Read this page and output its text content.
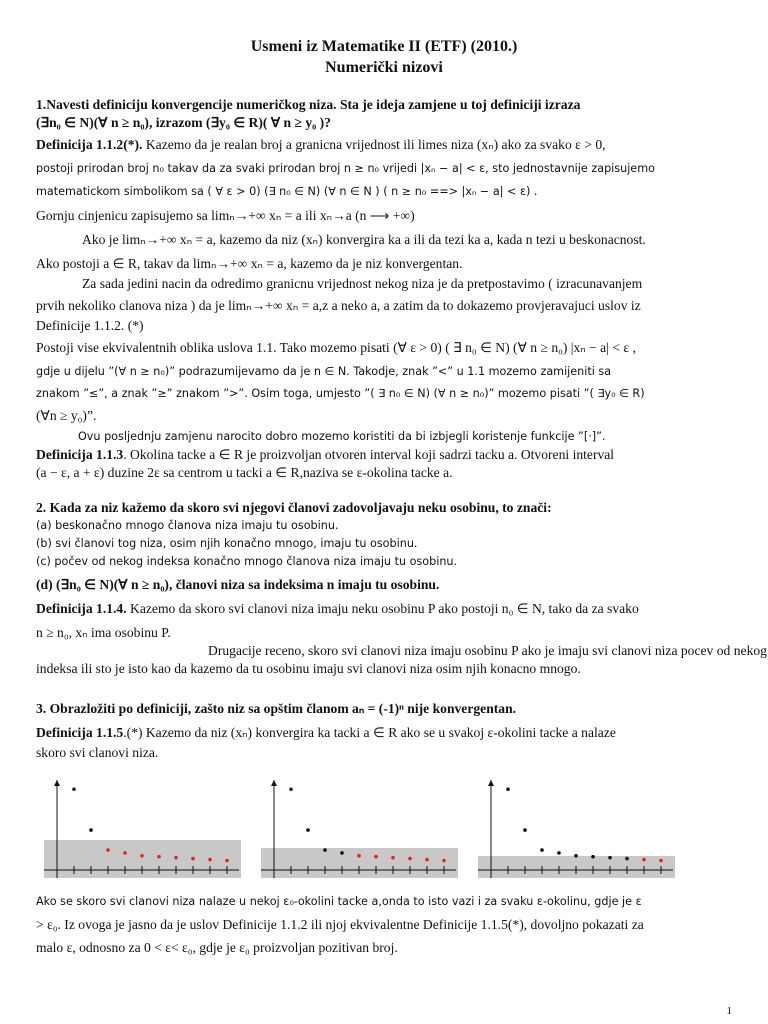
Usmeni iz Matematike II (ETF) (2010.)
Numerički nizovi
1.Navesti definiciju konvergencije numeričkog niza. Sta je ideja zamjene u toj definiciji izraza
(∃n₀ ∈ N)(∀ n ≥ n₀), izrazom (∃y₀ ∈ R)( ∀ n ≥ y₀ )?
Definicija 1.1.2(*). Kazemo da je realan broj a granicna vrijednost ili limes niza (xₙ) ako za svako ε > 0,
postoji prirodan broj n₀ takav da za svaki prirodan broj n ≥ n₀ vrijedi |xₙ − a| < ε, sto jednostavnije zapisujemo
matematickom simbolikom sa ( ∀ ε > 0) (∃ n₀ ∈ N) (∀ n ∈ N ) ( n ≥ n₀ ==> |xₙ − a| < ε) .
Gornju cinjenicu zapisujemo sa limₙ→+∞ xₙ = a ili xₙ→a (n ⟶ +∞)
Ako je limₙ→+∞ xₙ = a, kazemo da niz (xₙ) konvergira ka a ili da tezi ka a, kada n tezi u beskonacnost.
Ako postoji a ∈ R, takav da limₙ→+∞ xₙ = a, kazemo da je niz konvergentan.
Za sada jedini nacin da odredimo granicnu vrijednost nekog niza je da pretpostavimo ( izracunavanjem
prvih nekoliko clanova niza ) da je limₙ→+∞ xₙ = a,z a neko a, a zatim da to dokazemo provjeravajuci uslov iz
Definicije 1.1.2. (*)
Postoji vise ekvivalentnih oblika uslova 1.1. Tako mozemo pisati (∀ ε > 0) ( ∃ n₀ ∈ N) (∀ n ≥ n₀) |xₙ − a| < ε ,
gdje u dijelu ”(∀ n ≥ n₀)” podrazumijevamo da je n ∈ N. Takodje, znak ”<” u 1.1 mozemo zamijeniti sa
znakom ”≤”, a znak ”≥” znakom ”>”. Osim toga, umjesto ”( ∃ n₀ ∈ N) (∀ n ≥ n₀)” mozemo pisati ”( ∃y₀ ∈ R)
(∀n ≥ y₀)”.
Ovu posljednju zamjenu narocito dobro mozemo koristiti da bi izbjegli koristenje funkcije ”[·]”.
Definicija 1.1.3. Okolina tacke a ∈ R je proizvoljan otvoren interval koji sadrzi tacku a. Otvoreni interval
(a − ε, a + ε) duzine 2ε sa centrom u tacki a ∈ R,naziva se ε-okolina tacke a.
2. Kada za niz kažemo da skoro svi njegovi članovi zadovoljavaju neku osobinu, to znači:
(a) beskonačno mnogo članova niza imaju tu osobinu.
(b) svi članovi tog niza, osim njih konačno mnogo, imaju tu osobinu.
(c) počev od nekog indeksa konačno mnogo članova niza imaju tu osobinu.
(d) (∃n₀ ∈ N)(∀ n ≥ n₀), članovi niza sa indeksima n imaju tu osobinu.
Definicija 1.1.4. Kazemo da skoro svi clanovi niza imaju neku osobinu P ako postoji n₀ ∈ N, tako da za svako
n ≥ n₀, xₙ ima osobinu P.
Drugacije receno, skoro svi clanovi niza imaju osobinu P ako je imaju svi clanovi niza pocev od nekog
indeksa ili sto je isto kao da kazemo da tu osobinu imaju svi clanovi niza osim njih konacno mnogo.
3. Obrazložiti po definiciji, zašto niz sa opštim članom aₙ = (-1)ⁿ nije konvergentan.
Definicija 1.1.5.(*) Kazemo da niz (xₙ) konvergira ka tacki a ∈ R ako se u svakoj ε-okolini tacke a nalaze
skoro svi clanovi niza.
Ako se skoro svi clanovi niza nalaze u nekoj ε₀-okolini tacke a,onda to isto vazi i za svaku ε-okolinu, gdje je ε
> ε₀. Iz ovoga je jasno da je uslov Definicije 1.1.2 ili njoj ekvivalentne Definicije 1.1.5(*), dovoljno pokazati za
malo ε, odnosno za 0 < ε< ε₀, gdje je ε₀ proizvoljan pozitivan broj.
1
